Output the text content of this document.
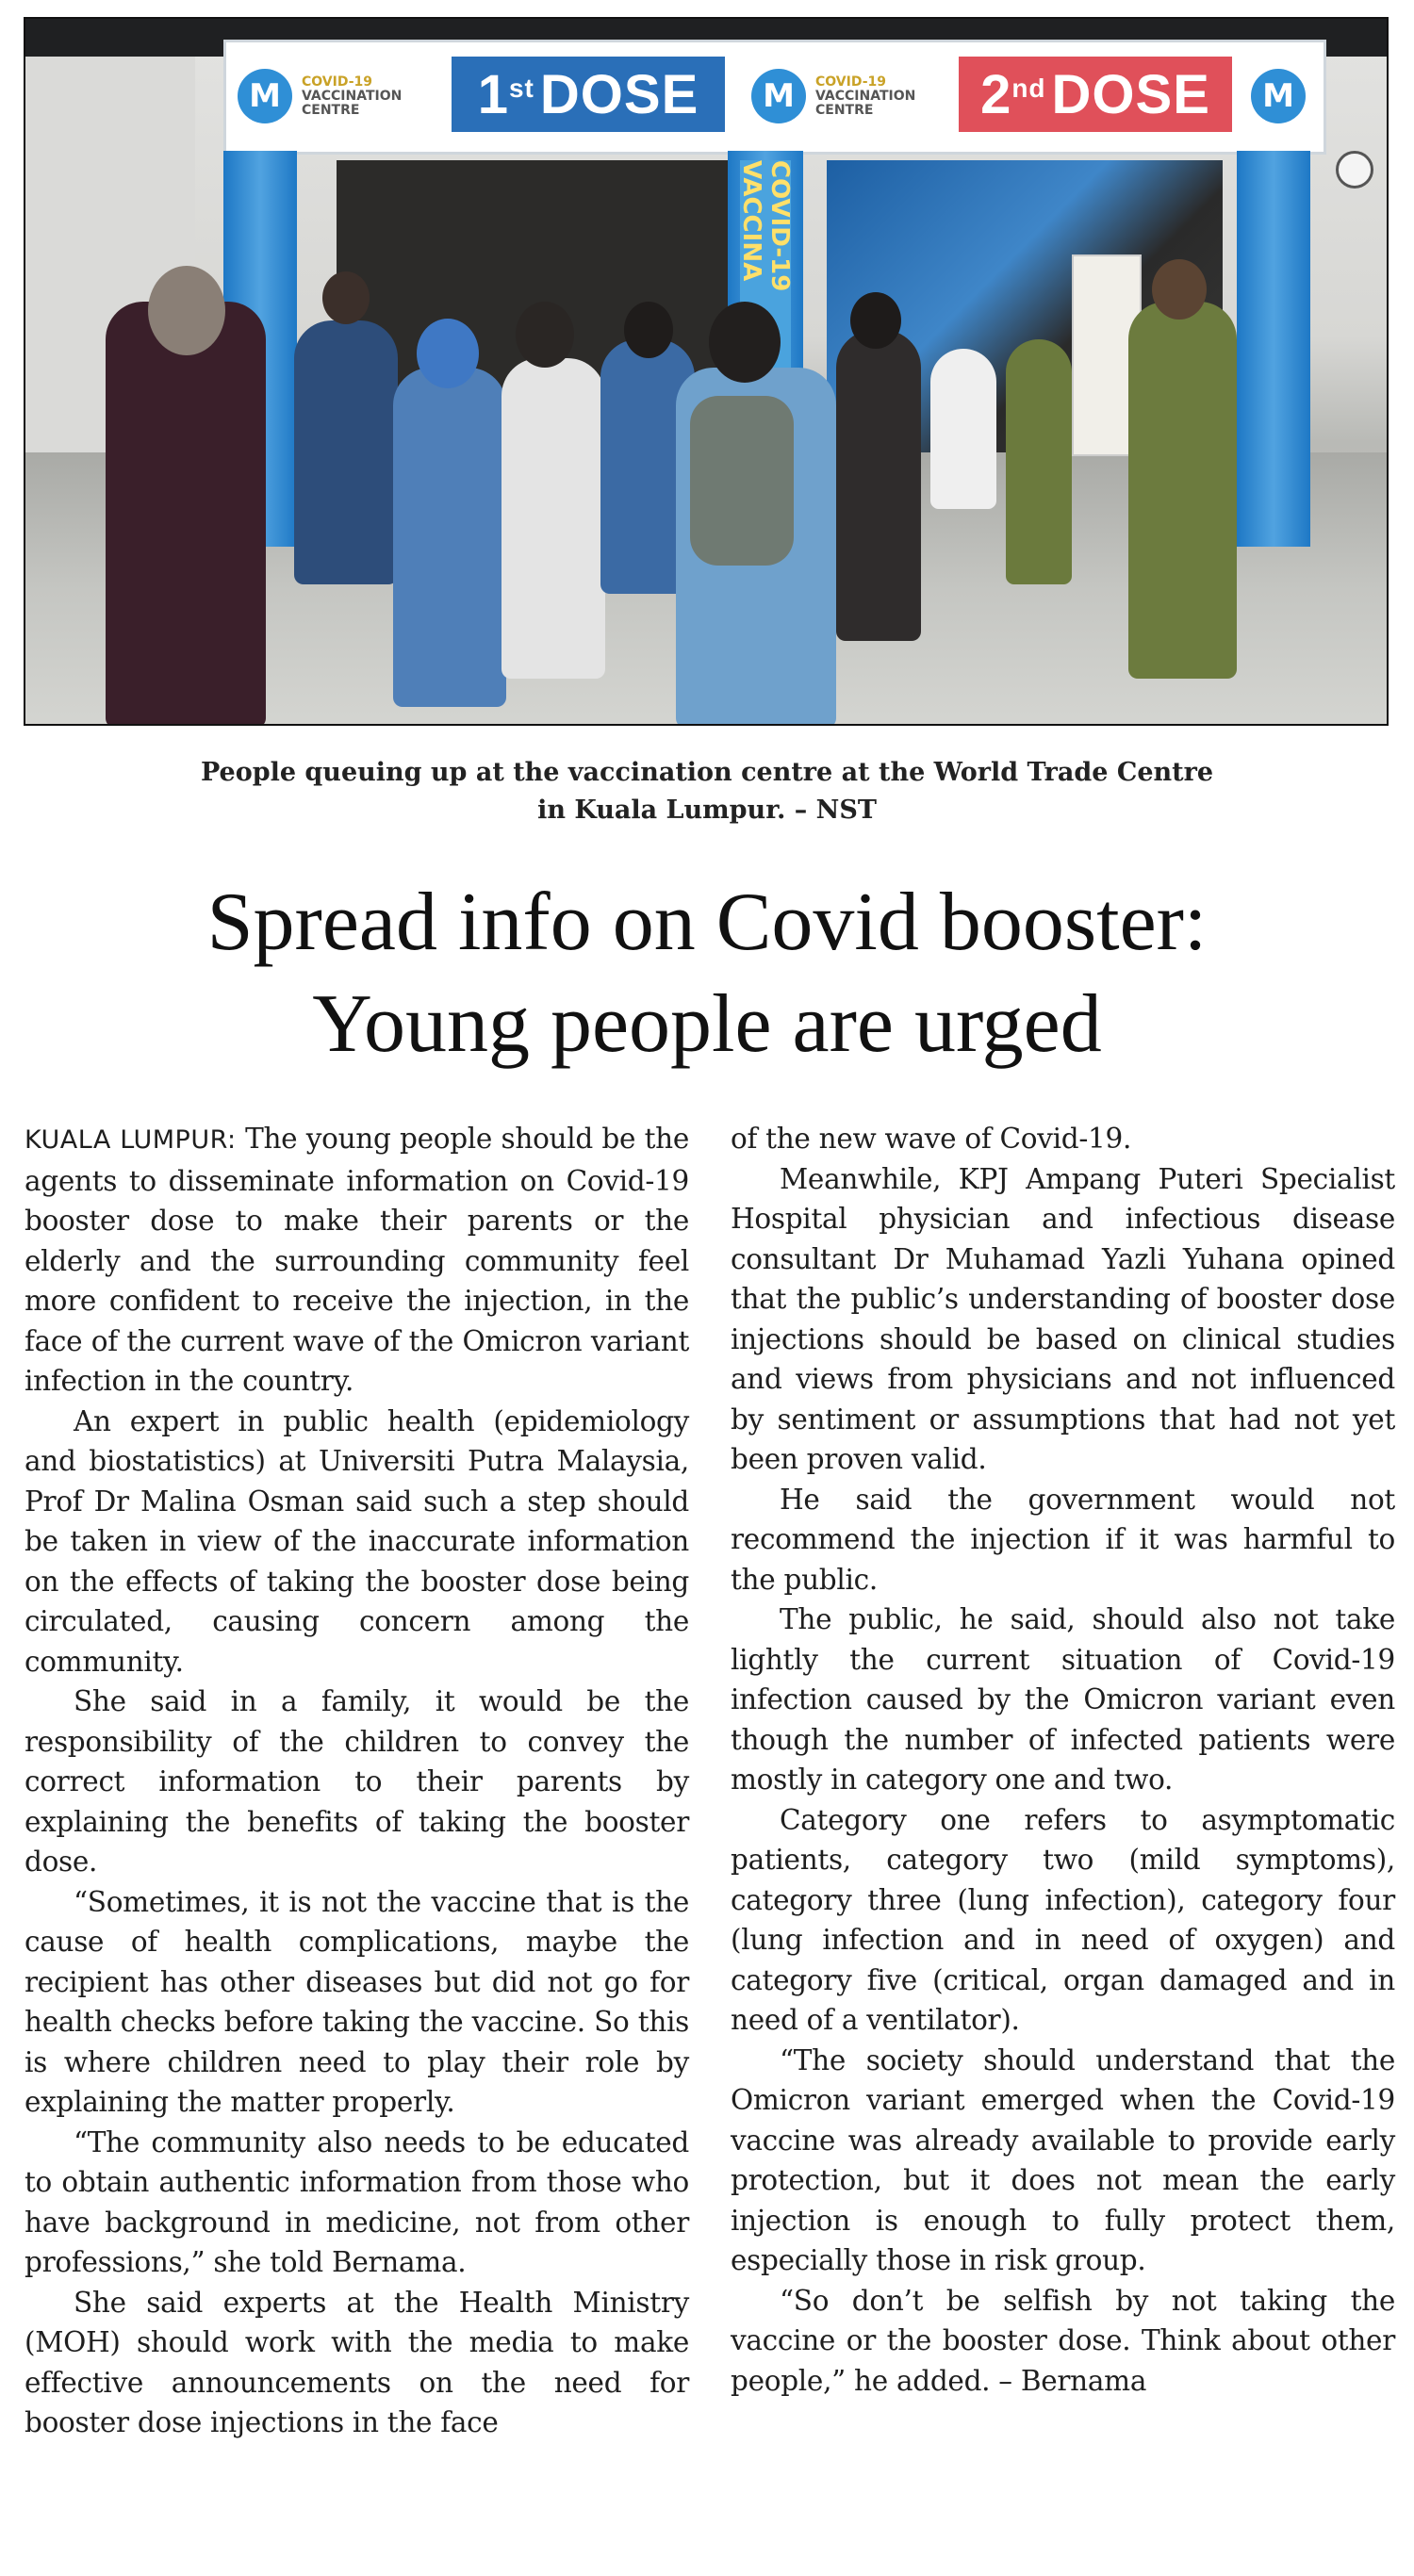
M	COVID-19
VACCINATION CENTRE	1st DOSE	M	COVID-19
VACCINATION CENTRE	2nd DOSE	M
COVID-19 VACCINA
People queuing up at the vaccination centre at the World Trade Centre
in Kuala Lumpur. – NST
Spread info on Covid booster:
Young people are urged

KUALA LUMPUR: The young people should be the agents to disseminate information on Covid-19 booster dose to make their parents or the elderly and the surrounding community feel more confident to receive the injection, in the face of the current wave of the Omicron variant infection in the country.

An expert in public health (epidemiology and biostatistics) at Universiti Putra Malaysia, Prof Dr Malina Osman said such a step should be taken in view of the inaccurate information on the effects of taking the booster dose being circulated, causing concern among the community.

She said in a family, it would be the responsibility of the children to convey the correct information to their parents by explaining the benefits of taking the booster dose.

“Sometimes, it is not the vaccine that is the cause of health complications, maybe the recipient has other diseases but did not go for health checks before taking the vaccine. So this is where children need to play their role by explaining the matter properly.

“The community also needs to be educated to obtain authentic information from those who have background in medicine, not from other professions,” she told Bernama.

She said experts at the Health Ministry (MOH) should work with the media to make effective announcements on the need for booster dose injections in the face

of the new wave of Covid-19.

Meanwhile, KPJ Ampang Puteri Specialist Hospital physician and infectious disease consultant Dr Muhamad Yazli Yuhana opined that the public’s understanding of booster dose injections should be based on clinical studies and views from physicians and not influenced by sentiment or assumptions that had not yet been proven valid.

He said the government would not recommend the injection if it was harmful to the public.

The public, he said, should also not take lightly the current situation of Covid-19 infection caused by the Omicron variant even though the number of infected patients were mostly in category one and two.

Category one refers to asymptomatic patients, category two (mild symptoms), category three (lung infection), category four (lung infection and in need of oxygen) and category five (critical, organ damaged and in need of a ventilator).

“The society should understand that the Omicron variant emerged when the Covid-19 vaccine was already available to provide early protection, but it does not mean the early injection is enough to fully protect them, especially those in risk group.

“So don’t be selfish by not taking the vaccine or the booster dose. Think about other people,” he added. – Bernama
